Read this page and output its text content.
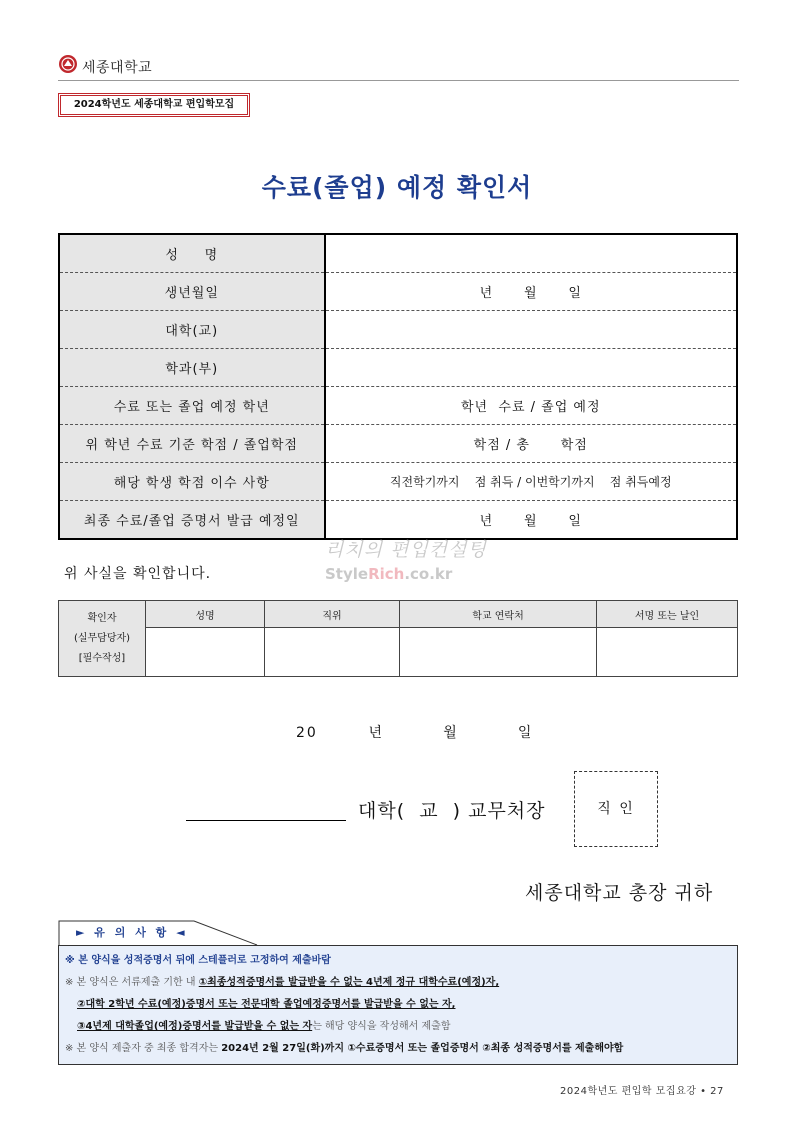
세종대학교
2024학년도 세종대학교 편입학모집
수료(졸업) 예정 확인서
성     명	
생년월일	년      월      일
대학(교)	
학과(부)	
수료 또는 졸업 예정 학년	학년  수료 / 졸업 예정
위 학년 수료 기준 학점 / 졸업학점	학점 / 총      학점
해당 학생 학점 이수 사항	직전학기까지    점 취득 / 이번학기까지    점 취득예정
최종 수료/졸업 증명서 발급 예정일	년      월      일
위 사실을 확인합니다.
리치의 편입컨설팅
StyleRich.co.kr
확인자
(실무담당자)
[필수작성]	성명	직위	학교 연락처	서명 또는 날인

20      년       월       일
대학(  교  ) 교무처장	직 인
세종대학교 총장 귀하
► 유 의 사 항 ◄

※ 본 양식을 성적증명서 뒤에 스테플러로 고정하여 제출바람

※ 본 양식은 서류제출 기한 내 ①최종성적증명서를 발급받을 수 없는 4년제 정규 대학수료(예정)자,

②대학 2학년 수료(예정)증명서 또는 전문대학 졸업예정증명서를 발급받을 수 없는 자,

③4년제 대학졸업(예정)증명서를 발급받을 수 없는 자는 해당 양식을 작성해서 제출함

※ 본 양식 제출자 중 최종 합격자는 2024년 2월 27일(화)까지 ①수료증명서 또는 졸업증명서 ②최종 성적증명서를 제출해야함

2024학년도 편입학 모집요강 • 27
